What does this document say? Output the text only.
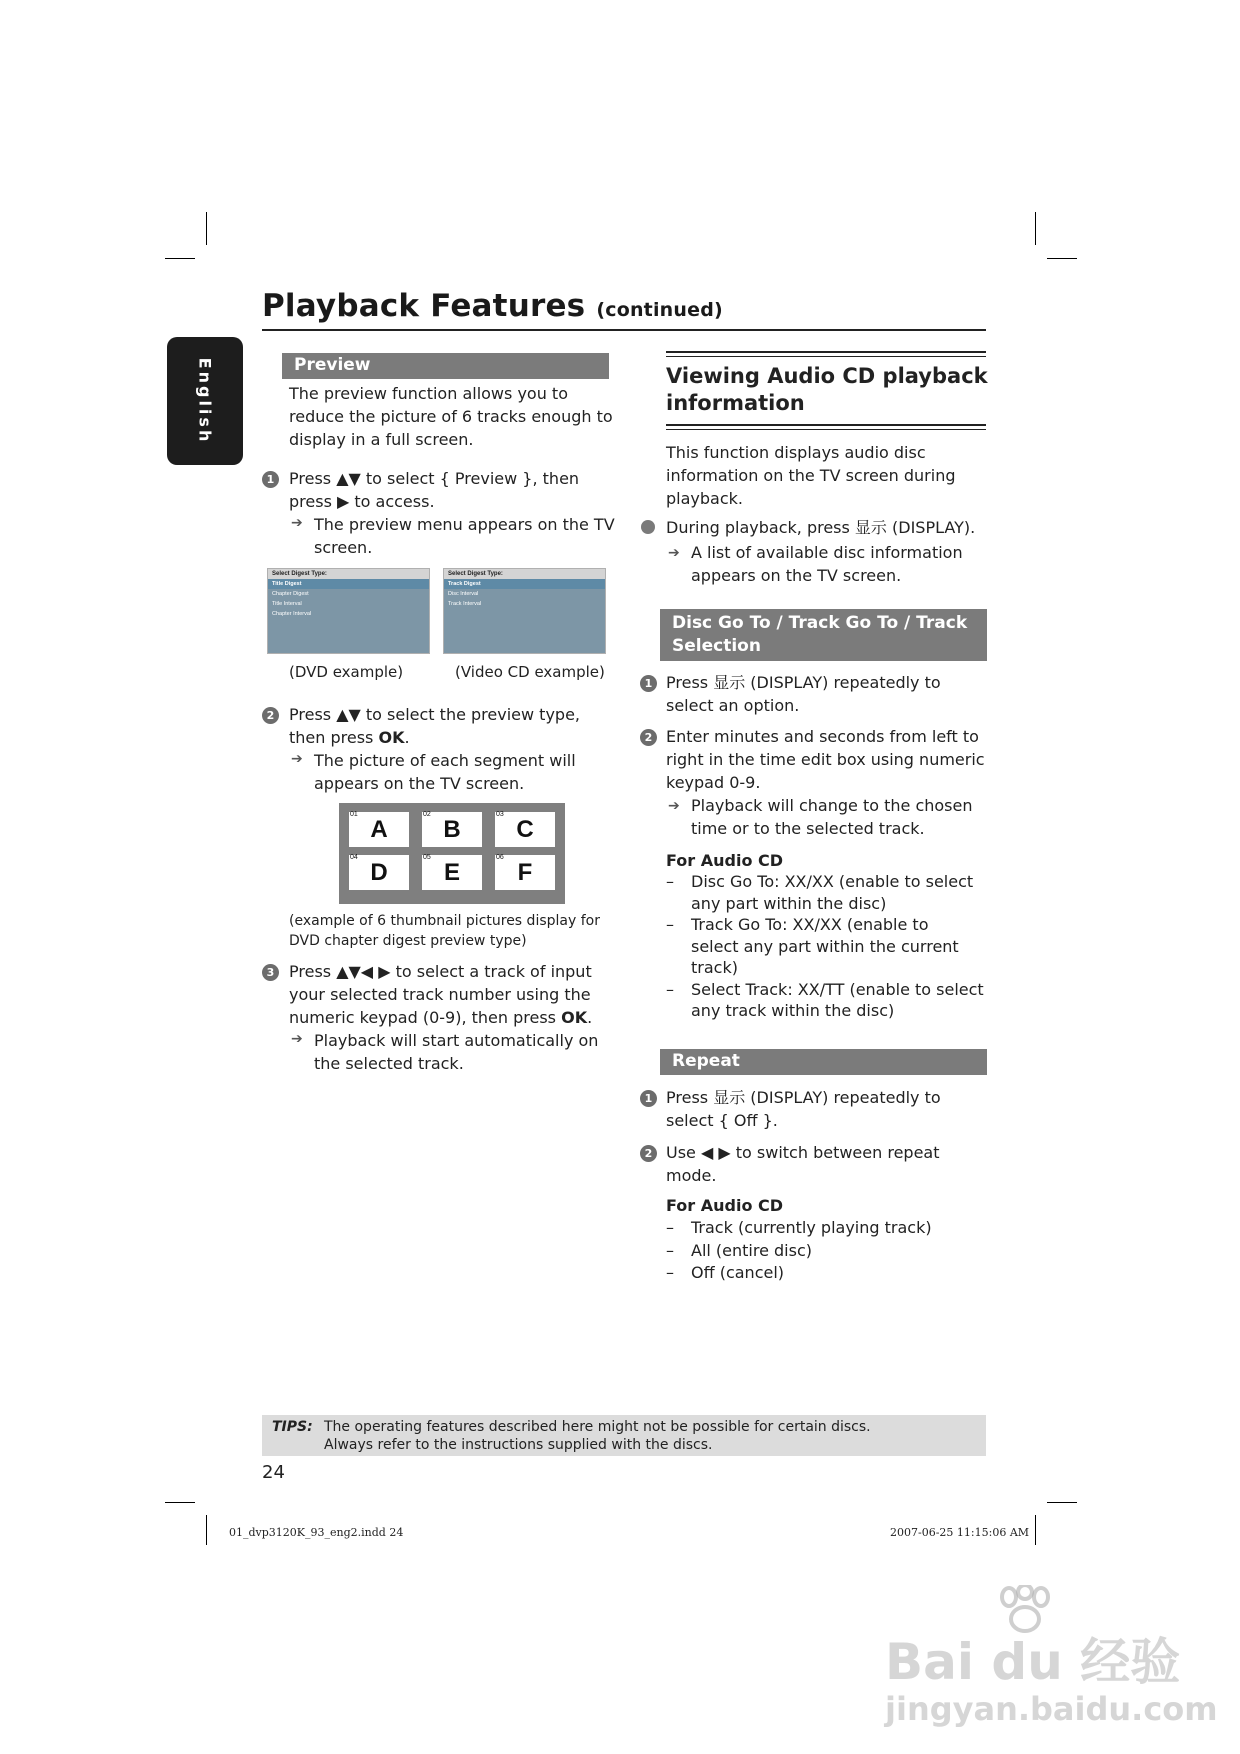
Playback Features (continued)
English	Preview
The preview function allows you to
reduce the picture of 6 tracks enough to
display in a full screen.
1 Press ▲▼ to select { Preview }, then
press ▶ to access.
➔ The preview menu appears on the TV
screen.
Select Digest Type:
Title Digest
Chapter Digest
Title Interval
Chapter Interval
Select Digest Type:
Track Digest
Disc Interval
Track Interval
(DVD example)	(Video CD example)
2 Press ▲▼ to select the preview type,
then press OK.
➔ The picture of each segment will
appears on the TV screen.
01
A
02
B
03
C
04
D
05
E
06
F
(example of 6 thumbnail pictures display for
DVD chapter digest preview type)
3 Press ▲▼◀ ▶ to select a track of input
your selected track number using the
numeric keypad (0-9), then press OK.
➔ Playback will start automatically on
the selected track.
Viewing Audio CD playback
information
This function displays audio disc
information on the TV screen during
playback.
During playback, press 显示 (DISPLAY).
➔ A list of available disc information
appears on the TV screen.
Disc Go To / Track Go To / Track
Selection
1 Press 显示 (DISPLAY) repeatedly to
select an option.
2 Enter minutes and seconds from left to
right in the time edit box using numeric
keypad 0-9.
➔ Playback will change to the chosen
time or to the selected track.
For Audio CD
–	Disc Go To: XX/XX (enable to select
any part within the disc)
–	Track Go To: XX/XX (enable to
select any part within the current
track)
–	Select Track: XX/TT (enable to select
any track within the disc)
Repeat
1 Press 显示 (DISPLAY) repeatedly to
select { Off }.
2 Use ◀ ▶ to switch between repeat
mode.
For Audio CD
–	Track (currently playing track)
–	All (entire disc)
–	Off (cancel)
TIPS: The operating features described here might not be possible for certain discs.
Always refer to the instructions supplied with the discs.
24
01_dvp3120K_93_eng2.indd 24	2007-06-25 11:15:06 AM
Bai du 经验
jingyan.baidu.com
